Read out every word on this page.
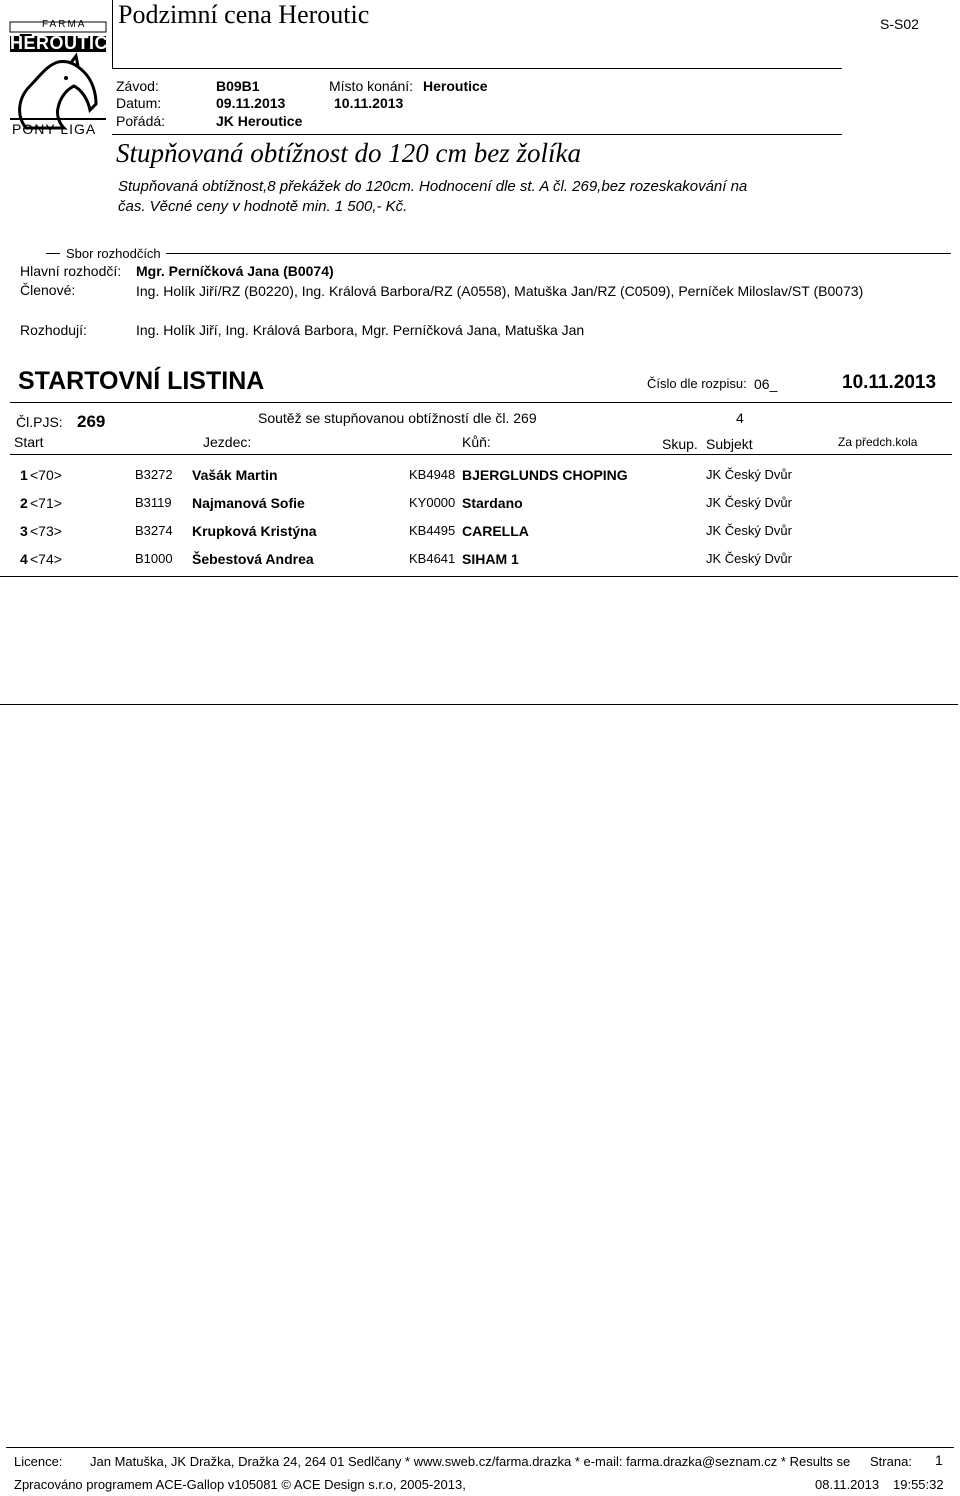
HEROUTICE
FARMA
PONY LIGA
Podzimní cena Heroutic	S-S02
Závod:	B09B1	Místo konání: Heroutice
Datum:	09.11.2013	10.11.2013
Pořádá:	JK Heroutice
Stupňovaná obtížnost do 120 cm bez žolíka
Stupňovaná obtížnost,8 překážek do 120cm. Hodnocení dle st. A čl. 269,bez rozeskakování na
čas. Věcné ceny v hodnotě min. 1 500,- Kč.
Sbor rozhodčích
Hlavní rozhodčí: Mgr. Perníčková Jana (B0074)
Členové:	Ing. Holík Jiří/RZ (B0220), Ing. Králová Barbora/RZ (A0558), Matuška Jan/RZ (C0509), Perníček Miloslav/ST (B0073)
Rozhodují:	Ing. Holík Jiří, Ing. Králová Barbora, Mgr. Perníčková Jana, Matuška Jan
STARTOVNÍ LISTINA	Číslo dle rozpisu: 06_	10.11.2013
Čl.PJS: 269	Soutěž se stupňovanou obtížností dle čl. 269	4
Start	Jezdec:	Kůň:	Skup. Subjekt	Za předch.kola
1 <70>	B3272 Vašák Martin	KB4948 BJERGLUNDS CHOPING	JK Český Dvůr
2 <71>	B3119 Najmanová Sofie	KY0000 Stardano	JK Český Dvůr
3 <73>	B3274 Krupková Kristýna	KB4495 CARELLA	JK Český Dvůr
4 <74>	B1000 Šebestová Andrea	KB4641 SIHAM 1	JK Český Dvůr
Licence: Jan Matuška, JK Dražka, Dražka 24, 264 01 Sedlčany * www.sweb.cz/farma.drazka * e-mail: farma.drazka@seznam.cz * Results se Strana: 1
Zpracováno programem ACE-Gallop v105081 © ACE Design s.r.o, 2005-2013,	08.11.2013 19:55:32
